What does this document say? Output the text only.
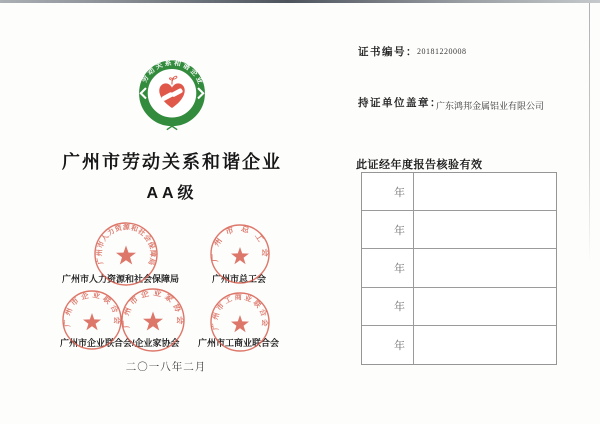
劳动关系和谐企业
广州市劳动关系和谐企业
AA级
广州市人力资源和社会保障局	广州市总工会
广州市企业联合会/企业家协会 广州市工商业联合会
广州市人力资源和社会保障局	广州市总工会
广州市企业联合会 广州市企业家协会	广州市工商业联合会
二〇一八年二月
证书编号： 20181220008
持证单位盖章：
广东鸿邦金属铝业有限公司
此证经年度报告核验有效
年
年
年
年
年
